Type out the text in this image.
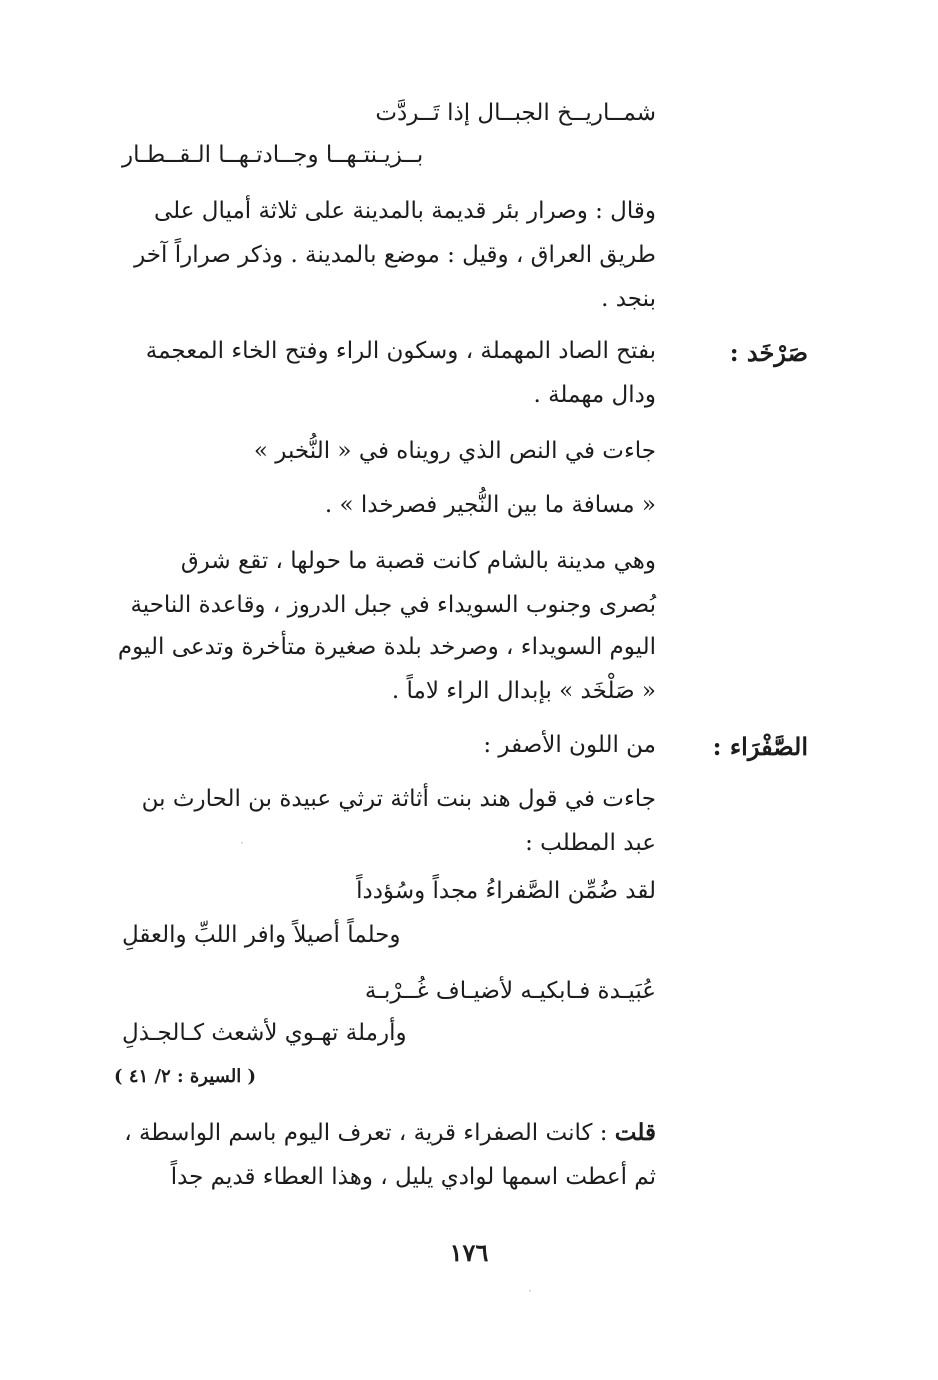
شمــاريــخ الجبــال إذا تَــردَّت
بــزيـنتـهــا وجــادتـهــا الـقــطـار
وقال : وصرار بئر قديمة بالمدينة على ثلاثة أميال على
طريق العراق ، وقيل : موضع بالمدينة . وذكر صراراً آخر
بنجد .
صَرْخَد :
بفتح الصاد المهملة ، وسكون الراء وفتح الخاء المعجمة
ودال مهملة .
جاءت في النص الذي رويناه في « النُّخبر »
« مسافة ما بين النُّجير فصرخدا » .
وهي مدينة بالشام كانت قصبة ما حولها ، تقع شرق
بُصرى وجنوب السويداء في جبل الدروز ، وقاعدة الناحية
اليوم السويداء ، وصرخد بلدة صغيرة متأخرة وتدعى اليوم
« صَلْخَد » بإبدال الراء لاماً .
الصَّفْرَاء :
من اللون الأصفر :
جاءت في قول هند بنت أثاثة ترثي عبيدة بن الحارث بن
عبد المطلب :
لقد ضُمِّن الصَّفراءُ مجداً وسُؤدداً
وحلماً أصيلاً وافر اللبِّ والعقلِ
عُبَيـدة فـابكيـه لأضيـاف غُــرْبـة
وأرملة تهـوي لأشعث كـالجـذلِ
( السيرة : ٢/ ٤١ )
قلت : كانت الصفراء قرية ، تعرف اليوم باسم الواسطة ،
ثم أعطت اسمها لوادي يليل ، وهذا العطاء قديم جداً
١٧٦
·
·
